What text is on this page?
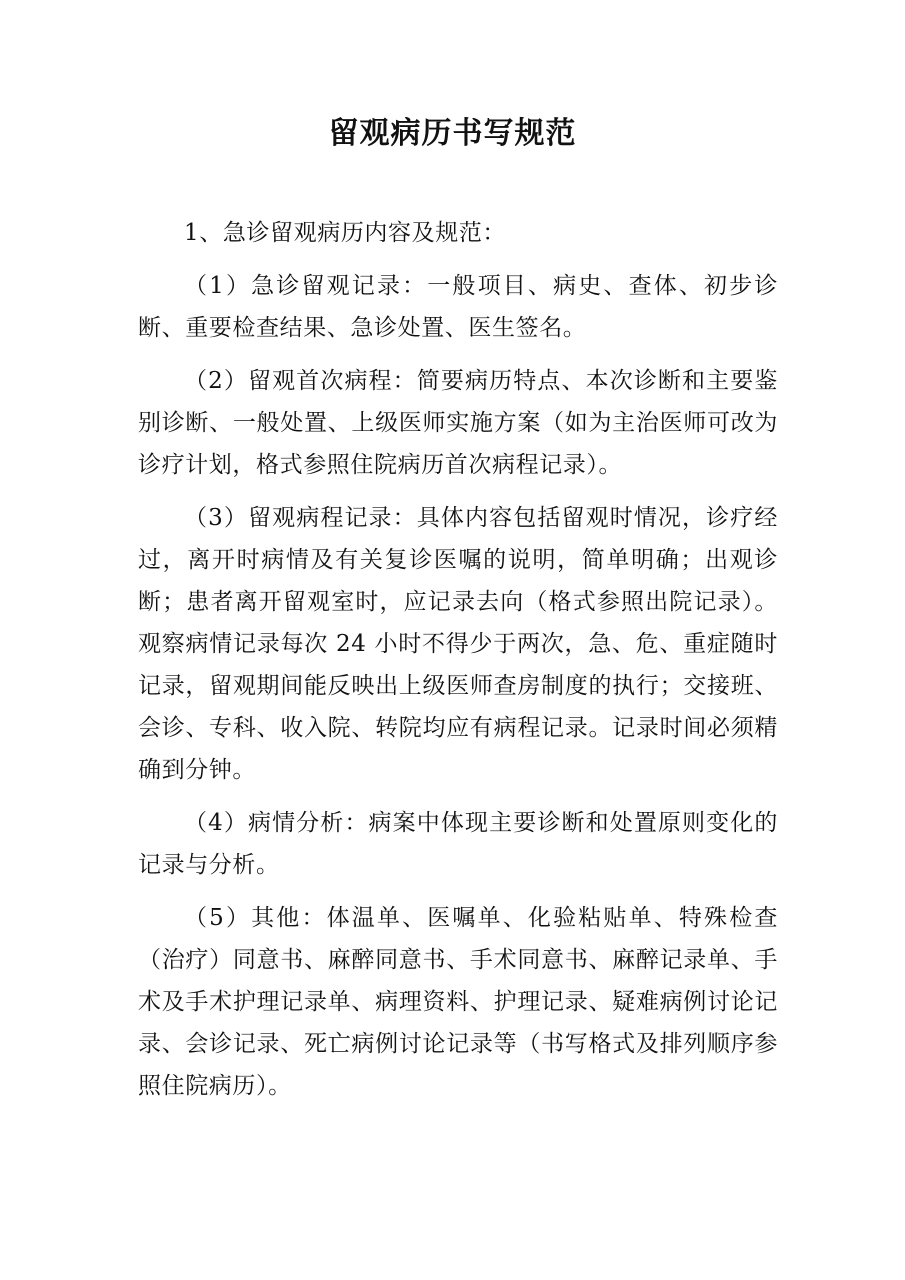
留观病历书写规范

1、急诊留观病历内容及规范：

（1）急诊留观记录：一般项目、病史、查体、初步诊断、重要检查结果、急诊处置、医生签名。

（2）留观首次病程：简要病历特点、本次诊断和主要鉴别诊断、一般处置、上级医师实施方案（如为主治医师可改为诊疗计划，格式参照住院病历首次病程记录）。

（3）留观病程记录：具体内容包括留观时情况，诊疗经过，离开时病情及有关复诊医嘱的说明，简单明确；出观诊断；患者离开留观室时，应记录去向（格式参照出院记录）。观察病情记录每次 24 小时不得少于两次，急、危、重症随时记录，留观期间能反映出上级医师查房制度的执行；交接班、会诊、专科、收入院、转院均应有病程记录。记录时间必须精确到分钟。

（4）病情分析：病案中体现主要诊断和处置原则变化的记录与分析。

（5）其他：体温单、医嘱单、化验粘贴单、特殊检查（治疗）同意书、麻醉同意书、手术同意书、麻醉记录单、手术及手术护理记录单、病理资料、护理记录、疑难病例讨论记录、会诊记录、死亡病例讨论记录等（书写格式及排列顺序参照住院病历）。
